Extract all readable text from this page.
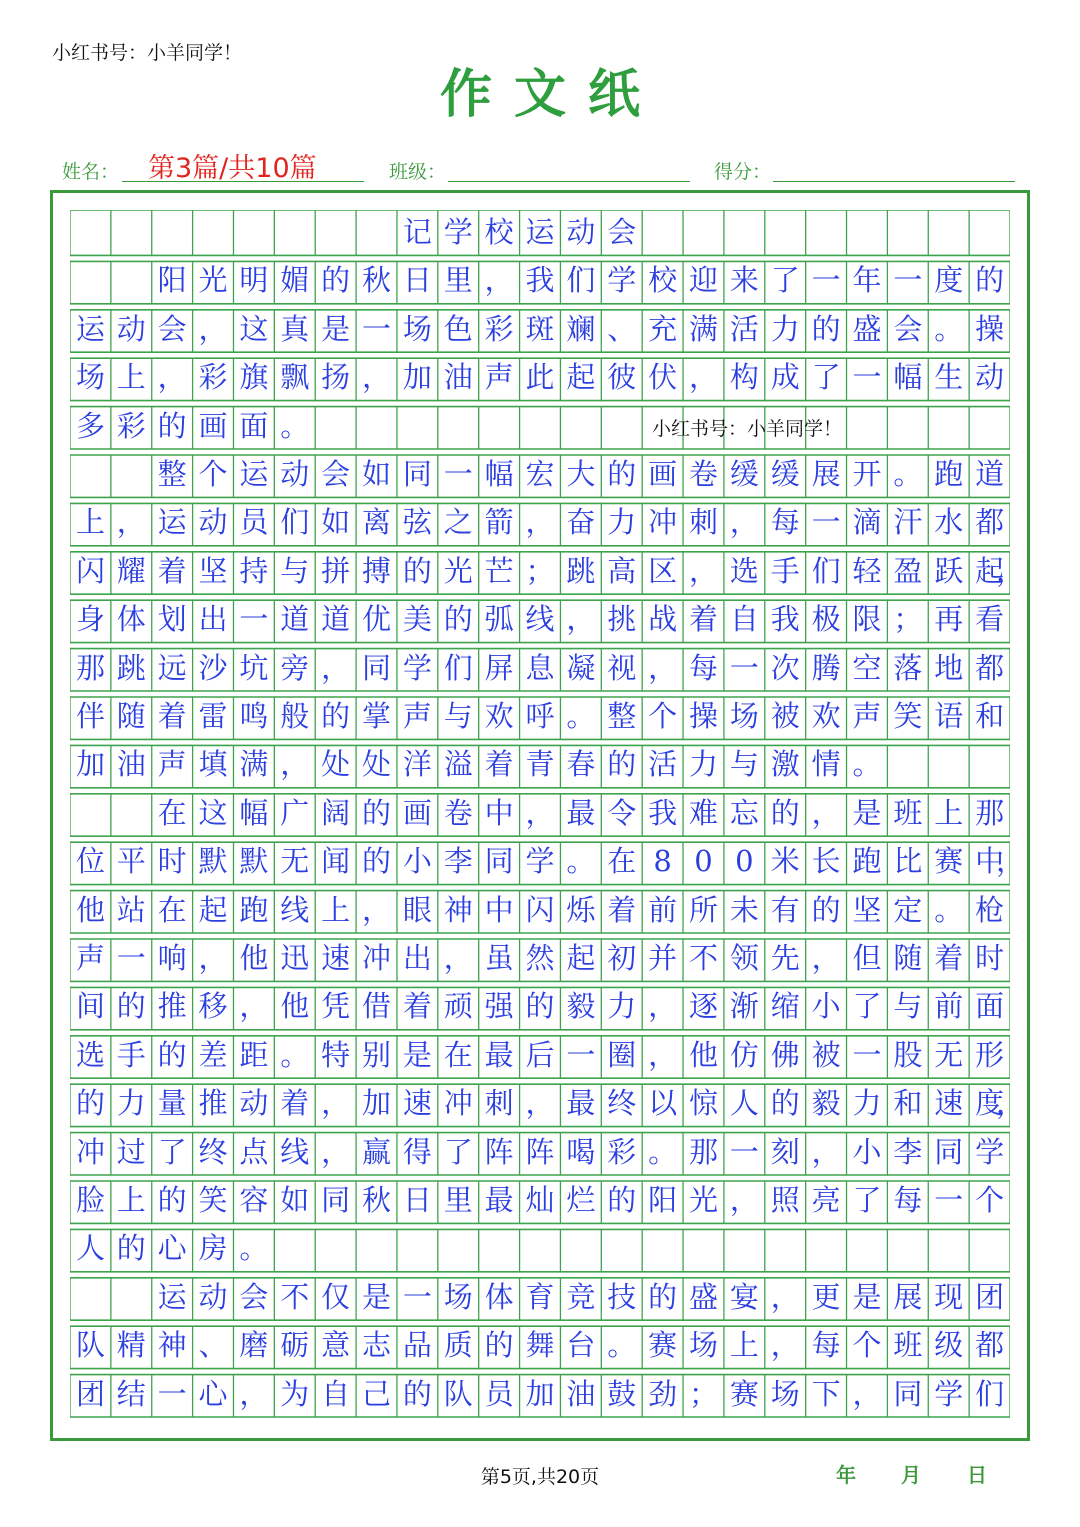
小红书号：小羊同学！
作文纸
姓名： 第3篇/共10篇	班级：	得分：
记 学 校 运 动 会
阳 光 明 媚 的 秋 日 里 ， 我 们 学 校 迎 来 了 一 年 一 度 的
运 动 会 ， 这 真 是 一 场 色 彩 斑 斓 、 充 满 活 力 的 盛 会 。 操
场 上 ， 彩 旗 飘 扬 ， 加 油 声 此 起 彼 伏 ， 构 成 了 一 幅 生 动
多 彩 的 画 面 。
整 个 运 动 会 如 同 一 幅 宏 大 的 画 卷 缓 缓 展 开 。 跑 道
上 ， 运 动 员 们 如 离 弦 之 箭 ， 奋 力 冲 刺 ， 每 一 滴 汗 水 都
闪 耀 着 坚 持 与 拼 搏 的 光 芒 ； 跳 高 区 ， 选 手 们 轻 盈 跃 起
，
身 体 划 出 一 道 道 优 美 的 弧 线 ， 挑 战 着 自 我 极 限 ； 再 看
那 跳 远 沙 坑 旁 ， 同 学 们 屏 息 凝 视 ， 每 一 次 腾 空 落 地 都
伴 随 着 雷 鸣 般 的 掌 声 与 欢 呼 。 整 个 操 场 被 欢 声 笑 语 和
加 油 声 填 满 ， 处 处 洋 溢 着 青 春 的 活 力 与 激 情 。
在 这 幅 广 阔 的 画 卷 中 ， 最 令 我 难 忘 的 ， 是 班 上 那
位 平 时 默 默 无 闻 的 小 李 同 学 。 在 8 0 0 米 长 跑 比 赛 中
，
他 站 在 起 跑 线 上 ， 眼 神 中 闪 烁 着 前 所 未 有 的 坚 定 。 枪
声 一 响 ， 他 迅 速 冲 出 ， 虽 然 起 初 并 不 领 先 ， 但 随 着 时
间 的 推 移 ， 他 凭 借 着 顽 强 的 毅 力 ， 逐 渐 缩 小 了 与 前 面
选 手 的 差 距 。 特 别 是 在 最 后 一 圈 ， 他 仿 佛 被 一 股 无 形
的 力 量 推 动 着 ， 加 速 冲 刺 ， 最 终 以 惊 人 的 毅 力 和 速 度
，
冲 过 了 终 点 线 ， 赢 得 了 阵 阵 喝 彩 。 那 一 刻 ， 小 李 同 学
脸 上 的 笑 容 如 同 秋 日 里 最 灿 烂 的 阳 光 ， 照 亮 了 每 一 个
人 的 心 房 。
运 动 会 不 仅 是 一 场 体 育 竞 技 的 盛 宴 ， 更 是 展 现 团
队 精 神 、 磨 砺 意 志 品 质 的 舞 台 。 赛 场 上 ， 每 个 班 级 都
团 结 一 心 ， 为 自 己 的 队 员 加 油 鼓 劲 ； 赛 场 下 ， 同 学 们
小红书号：小羊同学！
第5页,共20页	年 月 日
